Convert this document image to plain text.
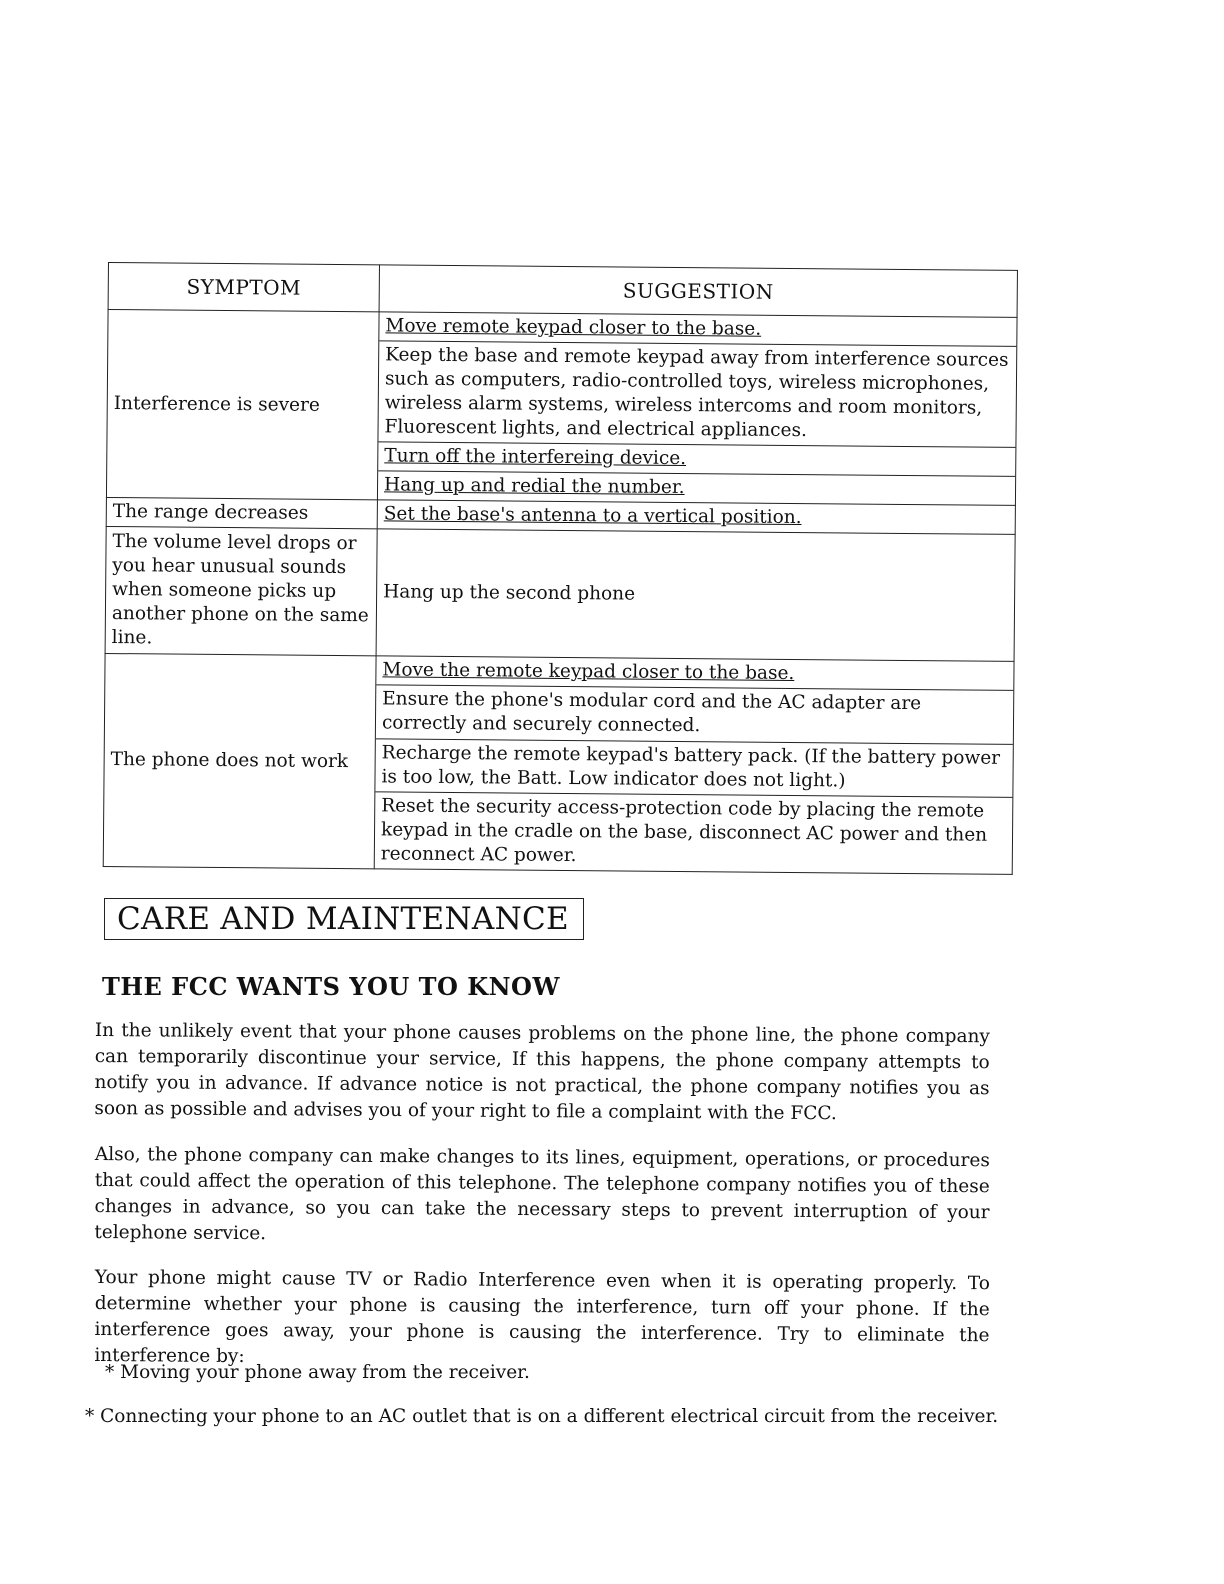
SYMPTOM	SUGGESTION
Interference is severe	Move remote keypad closer to the base.
Keep the base and remote keypad away from interference sources such as computers, radio-controlled toys, wireless microphones, wireless alarm systems, wireless intercoms and room monitors, Fluorescent lights, and electrical appliances.
Turn off the interfereing device.
Hang up and redial the number.

The range decreases	Set the base's antenna to a vertical position.

The volume level drops or you hear unusual sounds when someone picks up another phone on the same line.	Hang up the second phone

The phone does not work	Move the remote keypad closer to the base.
Ensure the phone's modular cord and the AC adapter are correctly and securely connected.
Recharge the remote keypad's battery pack. (If the battery power is too low, the Batt. Low indicator does not light.)
Reset the security access-protection code by placing the remote keypad in the cradle on the base, disconnect AC power and then reconnect AC power.
CARE AND MAINTENANCE
THE FCC WANTS YOU TO KNOW

In the unlikely event that your phone causes problems on the phone line, the phone company can temporarily discontinue your service, If this happens, the phone company attempts to notify you in advance. If advance notice is not practical, the phone company notifies you as soon as possible and advises you of your right to file a complaint with the FCC.

Also, the phone company can make changes to its lines, equipment, operations, or procedures that could affect the operation of this telephone. The telephone company notifies you of these changes in advance, so you can take the necessary steps to prevent interruption of your telephone service.

Your phone might cause TV or Radio Interference even when it is operating properly. To determine whether your phone is causing the interference, turn off your phone. If the interference goes away, your phone is causing the interference. Try to eliminate the interference by:

* Moving your phone away from the receiver.

* Connecting your phone to an AC outlet that is on a different electrical circuit from the receiver.
